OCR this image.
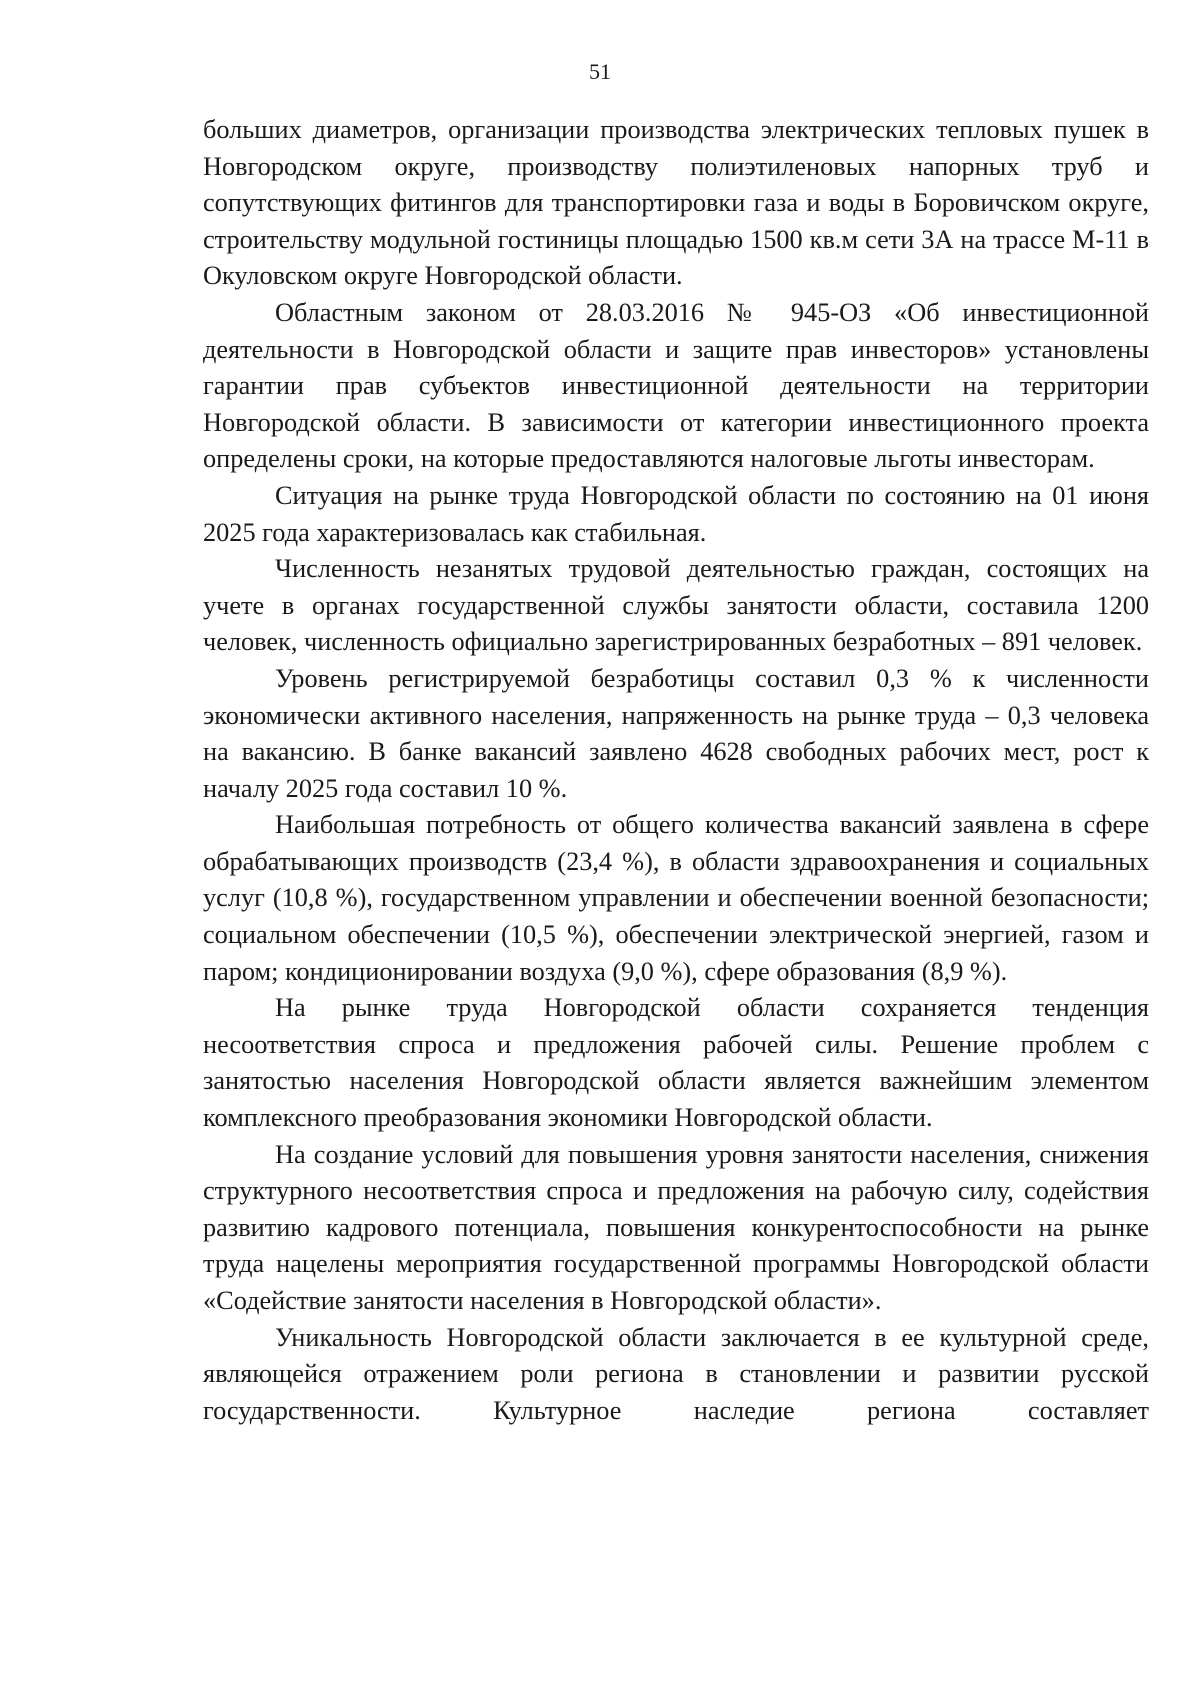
51

больших диаметров, организации производства электрических тепловых пушек в Новгородском округе, производству полиэтиленовых напорных труб и сопутствующих фитингов для транспортировки газа и воды в Боровичском округе, строительству модульной гостиницы площадью 1500 кв.м сети 3А на трассе М-11 в Окуловском округе Новгородской области.

Областным законом от 28.03.2016 № 945-ОЗ «Об инвестиционной деятельности в Новгородской области и защите прав инвесторов» установлены гарантии прав субъектов инвестиционной деятельности на территории Новгородской области. В зависимости от категории инвестиционного проекта определены сроки, на которые предоставляются налоговые льготы инвесторам.

Ситуация на рынке труда Новгородской области по состоянию на 01 июня 2025 года характеризовалась как стабильная.

Численность незанятых трудовой деятельностью граждан, состоящих на учете в органах государственной службы занятости области, составила 1200 человек, численность официально зарегистрированных безработных – 891 человек.

Уровень регистрируемой безработицы составил 0,3 % к численности экономически активного населения, напряженность на рынке труда – 0,3 человека на вакансию. В банке вакансий заявлено 4628 свободных рабочих мест, рост к началу 2025 года составил 10 %.

Наибольшая потребность от общего количества вакансий заявлена в сфере обрабатывающих производств (23,4 %), в области здравоохранения и социальных услуг (10,8 %), государственном управлении и обеспечении военной безопасности; социальном обеспечении (10,5 %), обеспечении электрической энергией, газом и паром; кондиционировании воздуха (9,0 %), сфере образования (8,9 %).

На рынке труда Новгородской области сохраняется тенденция несоответствия спроса и предложения рабочей силы. Решение проблем с занятостью населения Новгородской области является важнейшим элементом комплексного преобразования экономики Новгородской области.

На создание условий для повышения уровня занятости населения, снижения структурного несоответствия спроса и предложения на рабочую силу, содействия развитию кадрового потенциала, повышения конкурентоспособности на рынке труда нацелены мероприятия государственной программы Новгородской области «Содействие занятости населения в Новгородской области».

Уникальность Новгородской области заключается в ее культурной среде, являющейся отражением роли региона в становлении и развитии русской государственности. Культурное наследие региона составляет
